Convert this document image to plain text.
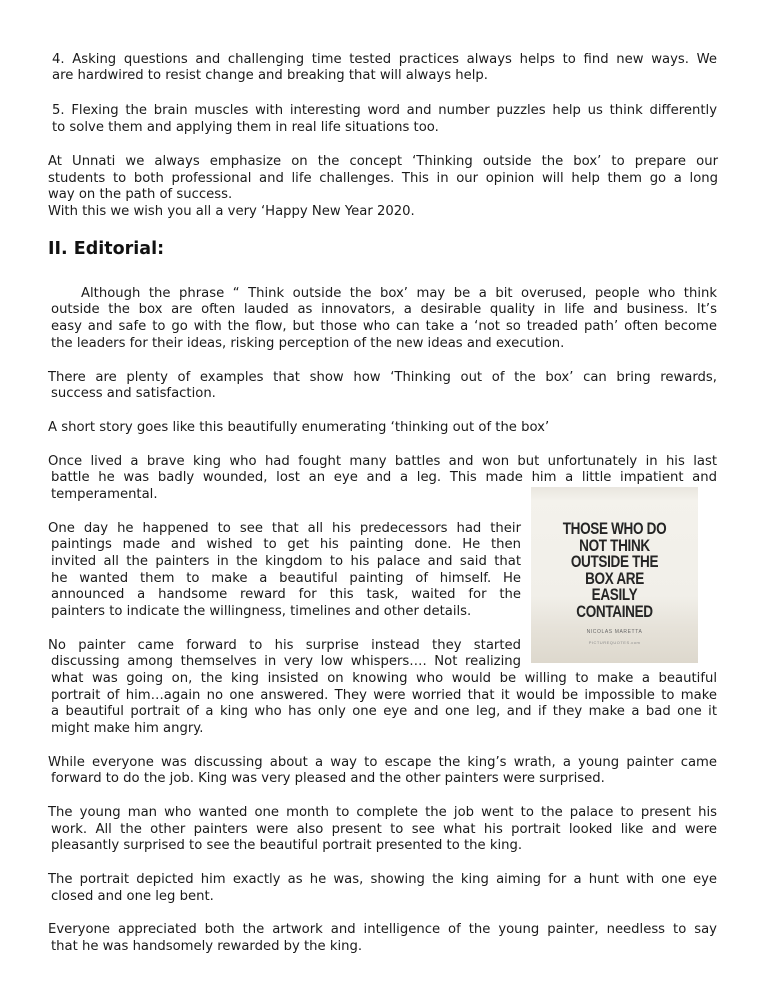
4. Asking questions and challenging time tested practices always helps to find new ways. We
are hardwired to resist change and breaking that will always help.
5. Flexing the brain muscles with interesting word and number puzzles help us think differently
to solve them and applying them in real life situations too.
At Unnati we always emphasize on the concept ‘Thinking outside the box’ to prepare our
students to both professional and life challenges. This in our opinion will help them go a long
way on the path of success.
With this we wish you all a very ‘Happy New Year 2020.
II. Editorial:
Although the phrase “ Think outside the box’ may be a bit overused, people who think
outside the box are often lauded as innovators, a desirable quality in life and business. It’s
easy and safe to go with the flow, but those who can take a ‘not so treaded path’ often become
the leaders for their ideas, risking perception of the new ideas and execution.
There are plenty of examples that show how ‘Thinking out of the box’ can bring rewards,
success and satisfaction.
A short story goes like this beautifully enumerating ‘thinking out of the box’
Once lived a brave king who had fought many battles and won but unfortunately in his last
battle he was badly wounded, lost an eye and a leg. This made him a little impatient and
temperamental.
One day he happened to see that all his predecessors had their
paintings made and wished to get his painting done. He then
invited all the painters in the kingdom to his palace and said that
he wanted them to make a beautiful painting of himself. He
announced a handsome reward for this task, waited for the
painters to indicate the willingness, timelines and other details.
No painter came forward to his surprise instead they started
discussing among themselves in very low whispers…. Not realizing
what was going on, the king insisted on knowing who would be willing to make a beautiful
portrait of him…again no one answered. They were worried that it would be impossible to make
a beautiful portrait of a king who has only one eye and one leg, and if they make a bad one it
might make him angry.
While everyone was discussing about a way to escape the king’s wrath, a young painter came
forward to do the job. King was very pleased and the other painters were surprised.
The young man who wanted one month to complete the job went to the palace to present his
work. All the other painters were also present to see what his portrait looked like and were
pleasantly surprised to see the beautiful portrait presented to the king.
The portrait depicted him exactly as he was, showing the king aiming for a hunt with one eye
closed and one leg bent.
Everyone appreciated both the artwork and intelligence of the young painter, needless to say
that he was handsomely rewarded by the king.

THOSE WHO DO
NOT THINK
OUTSIDE THE
BOX ARE
EASILY
CONTAINED

NICOLAS MARETTA
PICTUREQUOTES.com
